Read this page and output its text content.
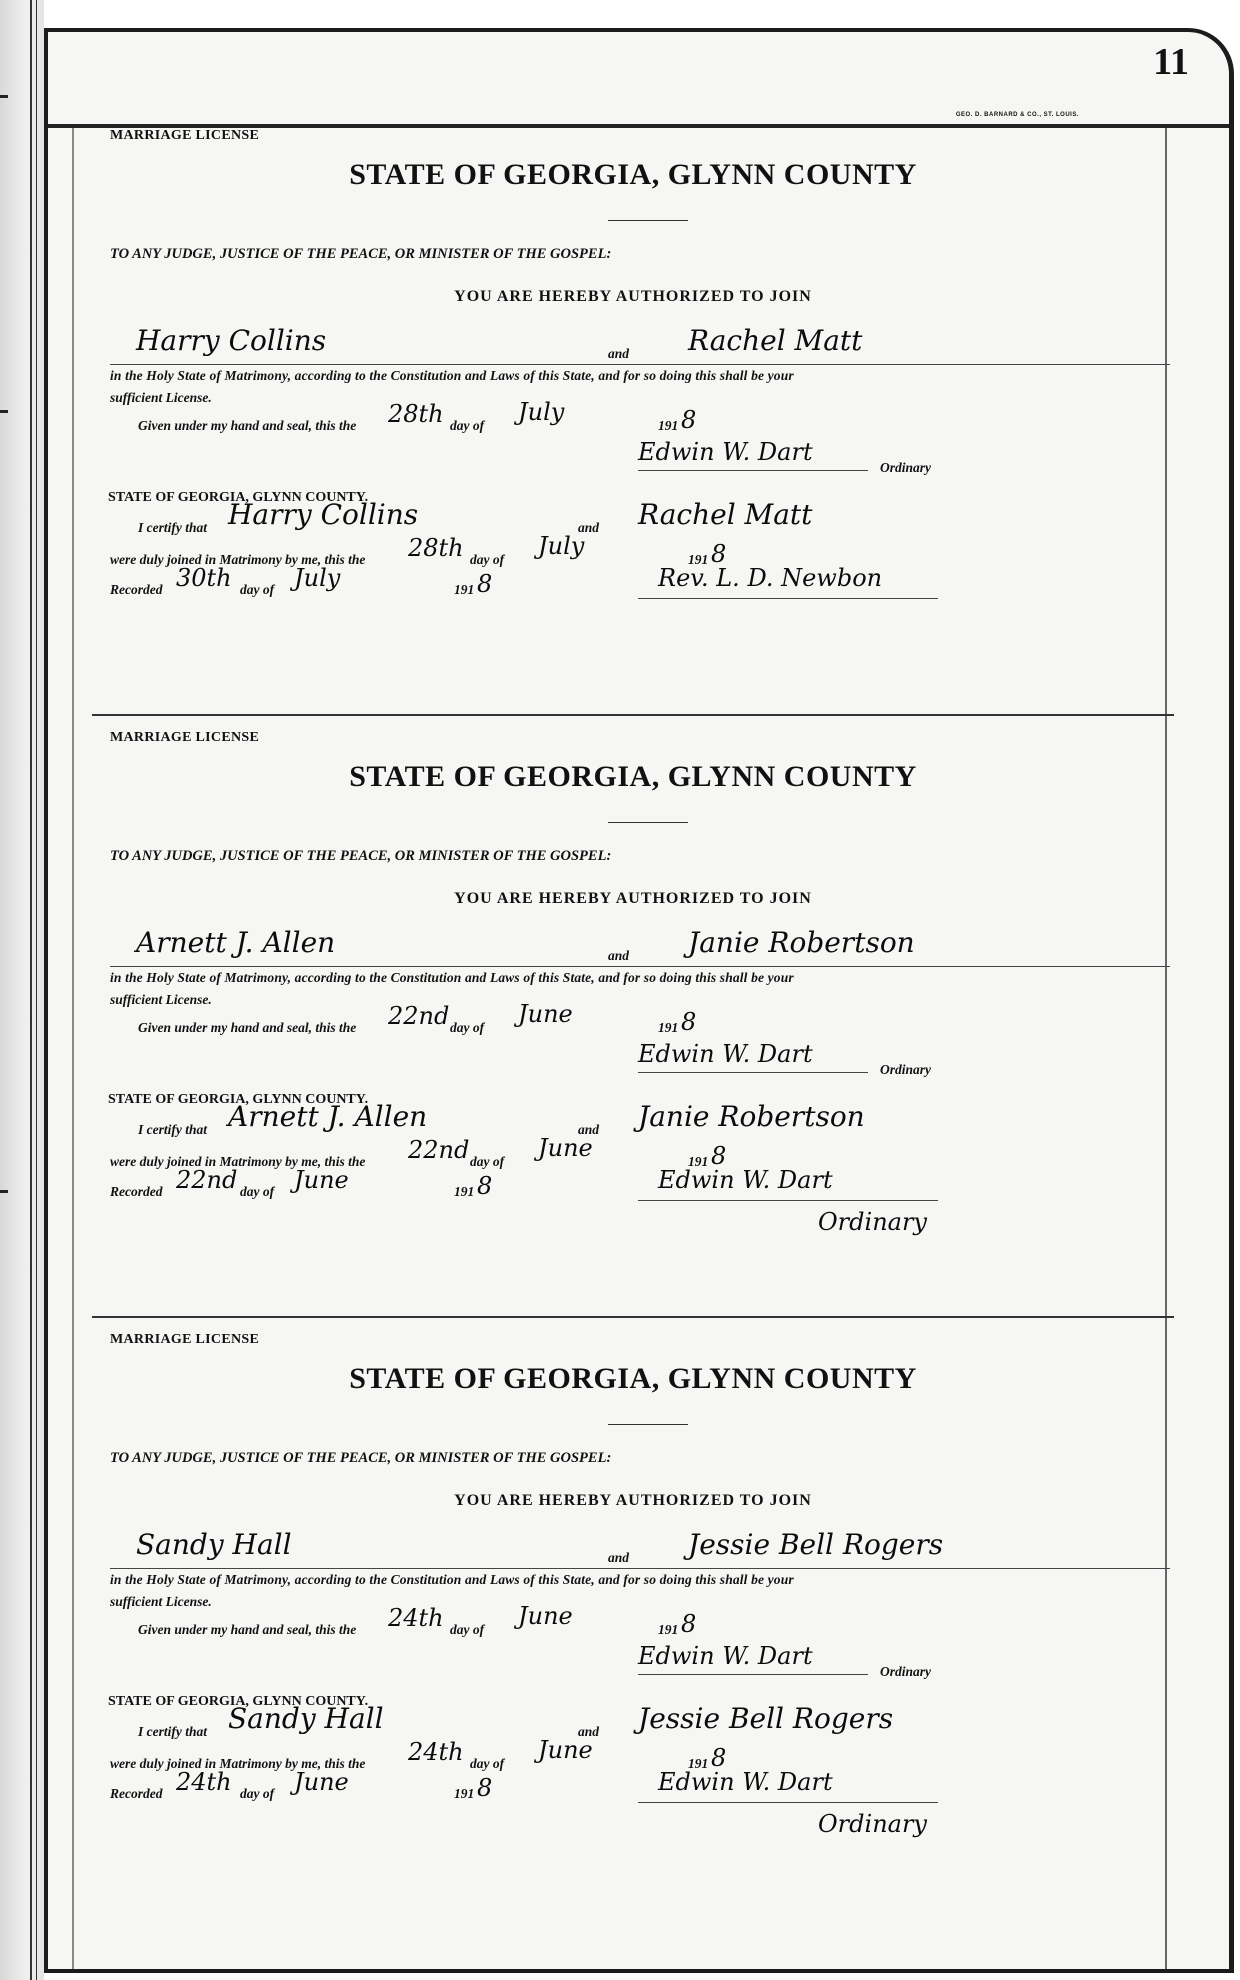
11
GEO. D. BARNARD & CO., ST. LOUIS.
MARRIAGE LICENSE
STATE OF GEORGIA, GLYNN COUNTY
TO ANY JUDGE, JUSTICE OF THE PEACE, OR MINISTER OF THE GOSPEL:
YOU ARE HEREBY AUTHORIZED TO JOIN
Harry Collins	and Rachel Matt
in the Holy State of Matrimony, according to the Constitution and Laws of this State, and for so doing this shall be your
sufficient License.
Given under my hand and seal, this the 28th day of July	191 8
Edwin W. Dart
Ordinary
STATE OF GEORGIA, GLYNN COUNTY.
I certify that Harry Collins	and Rachel Matt
were duly joined in Matrimony by me, this the 28th day of July	191 8
Recorded 30th day of July	191 8	Rev. L. D. Newbon
MARRIAGE LICENSE
STATE OF GEORGIA, GLYNN COUNTY
TO ANY JUDGE, JUSTICE OF THE PEACE, OR MINISTER OF THE GOSPEL:
YOU ARE HEREBY AUTHORIZED TO JOIN
Arnett J. Allen	and Janie Robertson
in the Holy State of Matrimony, according to the Constitution and Laws of this State, and for so doing this shall be your
sufficient License.
Given under my hand and seal, this the 22nd day of June	191 8
Edwin W. Dart
Ordinary
STATE OF GEORGIA, GLYNN COUNTY.
I certify that Arnett J. Allen	and Janie Robertson
were duly joined in Matrimony by me, this the 22nd day of June	191 8
Recorded 22nd day of June	191 8	Edwin W. Dart
Ordinary
MARRIAGE LICENSE
STATE OF GEORGIA, GLYNN COUNTY
TO ANY JUDGE, JUSTICE OF THE PEACE, OR MINISTER OF THE GOSPEL:
YOU ARE HEREBY AUTHORIZED TO JOIN
Sandy Hall	and Jessie Bell Rogers
in the Holy State of Matrimony, according to the Constitution and Laws of this State, and for so doing this shall be your
sufficient License.
Given under my hand and seal, this the 24th day of June	191 8
Edwin W. Dart
Ordinary
STATE OF GEORGIA, GLYNN COUNTY.
I certify that Sandy Hall	and Jessie Bell Rogers
were duly joined in Matrimony by me, this the 24th day of June	191 8
Recorded 24th day of June	191 8	Edwin W. Dart
Ordinary
